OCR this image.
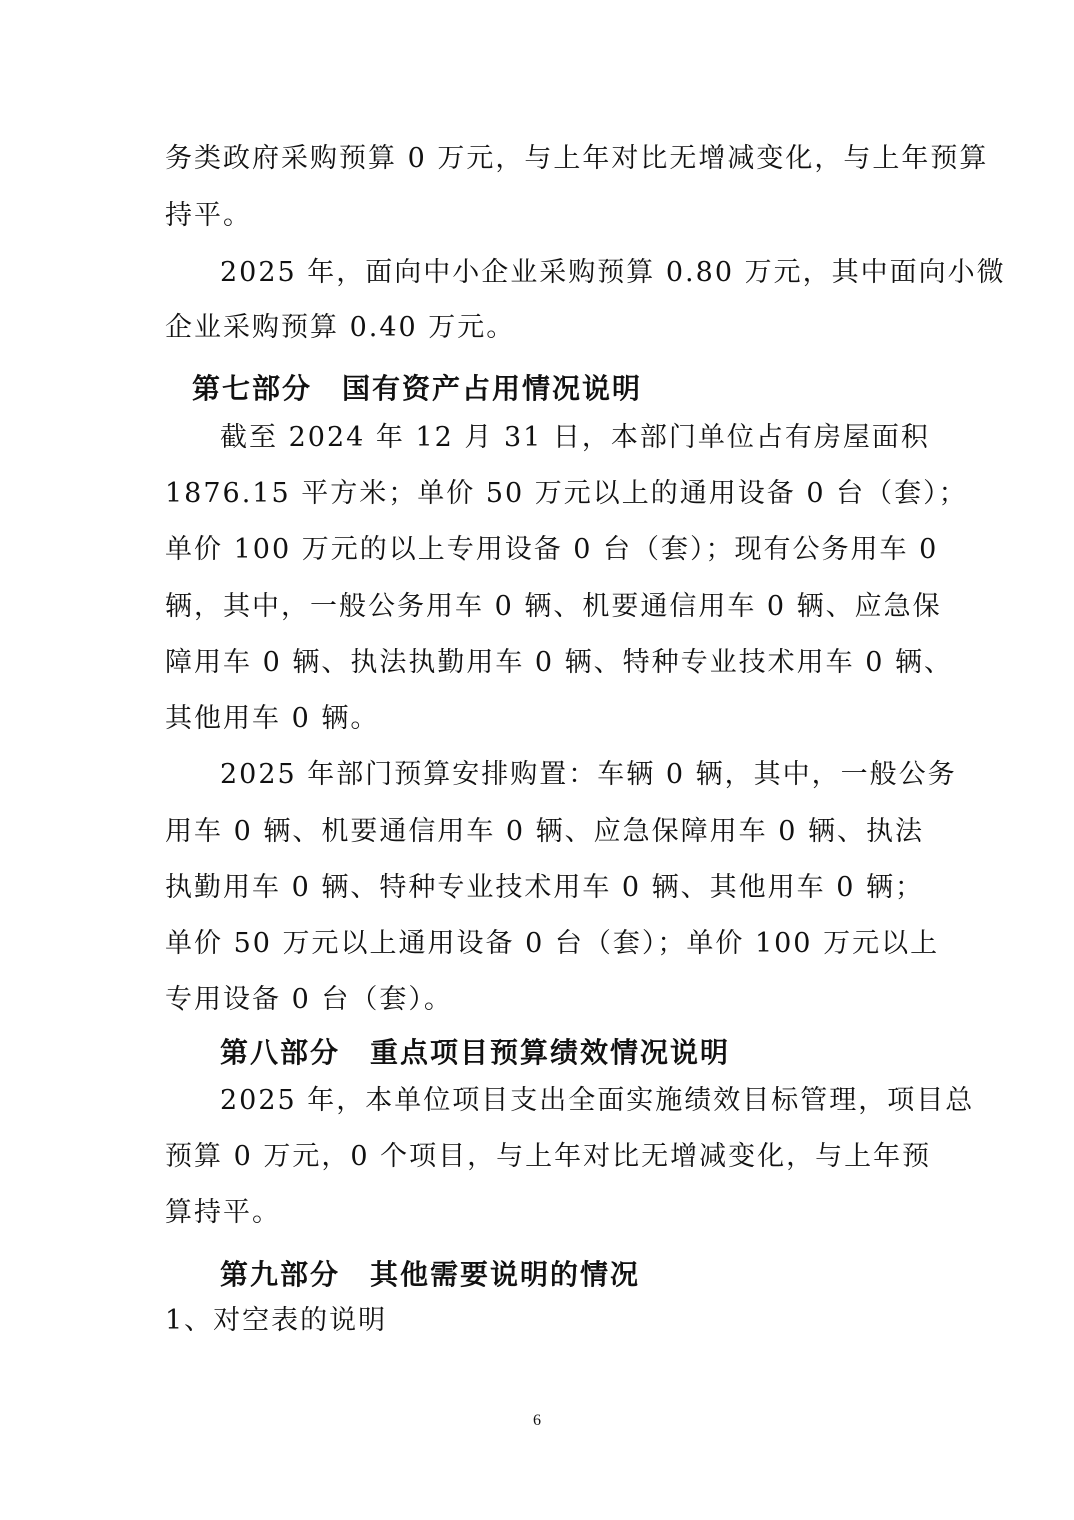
务类政府采购预算 0 万元，与上年对比无增减变化，与上年预算
持平。
2025 年，面向中小企业采购预算 0.80 万元，其中面向小微
企业采购预算 0.40 万元。
第七部分　国有资产占用情况说明
截至 2024 年 12 月 31 日，本部门单位占有房屋面积
1876.15 平方米；单价 50 万元以上的通用设备 0 台（套）；
单价 100 万元的以上专用设备 0 台（套）；现有公务用车 0
辆，其中，一般公务用车 0 辆、机要通信用车 0 辆、应急保
障用车 0 辆、执法执勤用车 0 辆、特种专业技术用车 0 辆、
其他用车 0 辆。
2025 年部门预算安排购置：车辆 0 辆，其中，一般公务
用车 0 辆、机要通信用车 0 辆、应急保障用车 0 辆、执法
执勤用车 0 辆、特种专业技术用车 0 辆、其他用车 0 辆；
单价 50 万元以上通用设备 0 台（套）；单价 100 万元以上
专用设备 0 台（套）。
第八部分　重点项目预算绩效情况说明
2025 年，本单位项目支出全面实施绩效目标管理，项目总
预算 0 万元，0 个项目，与上年对比无增减变化，与上年预
算持平。
第九部分　其他需要说明的情况
1、对空表的说明
6
